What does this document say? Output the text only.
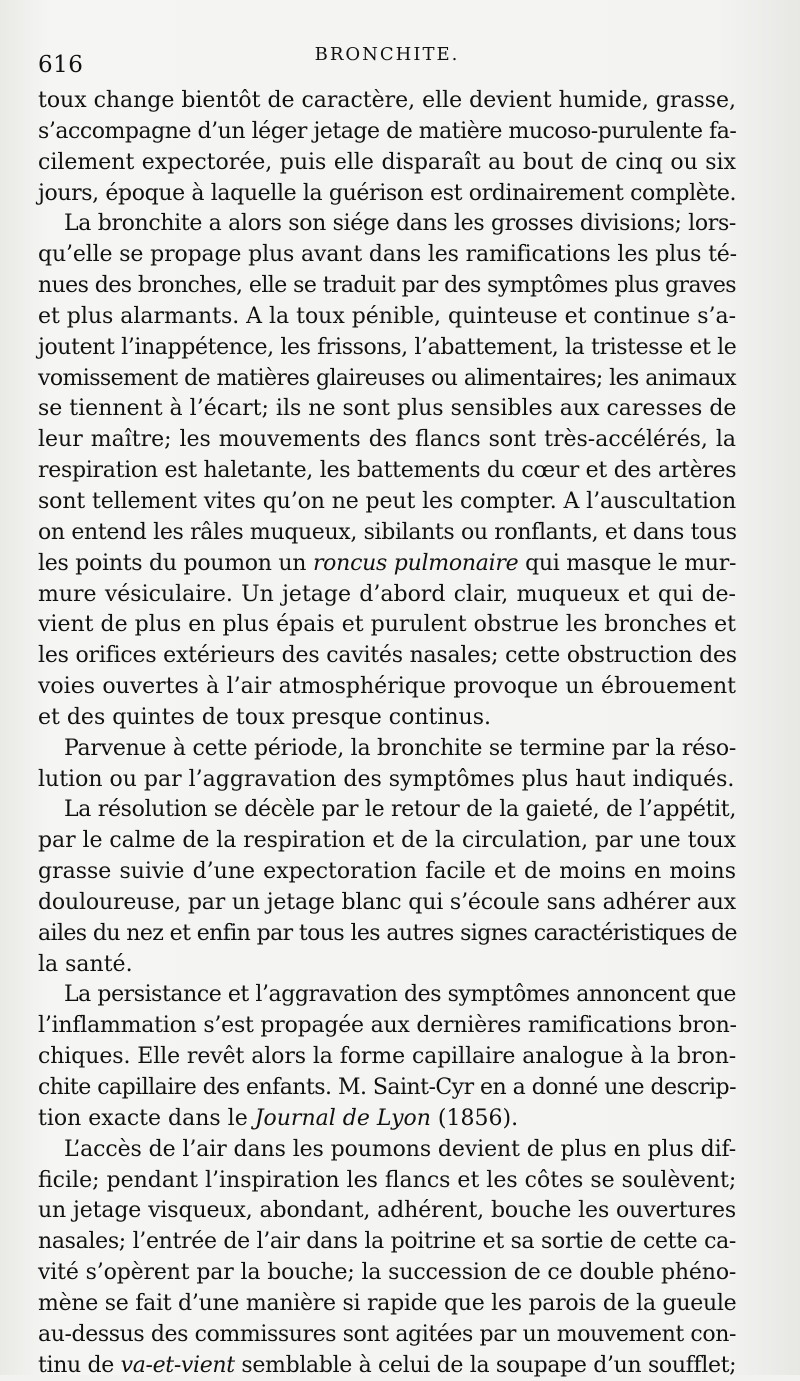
616	BRONCHITE.
toux change bientôt de caractère, elle devient humide, grasse,
s’accompagne d’un léger jetage de matière mucoso-purulente fa-
cilement expectorée, puis elle disparaît au bout de cinq ou six
jours, époque à laquelle la guérison est ordinairement complète.
La bronchite a alors son siége dans les grosses divisions; lors-
qu’elle se propage plus avant dans les ramifications les plus té-
nues des bronches, elle se traduit par des symptômes plus graves
et plus alarmants. A la toux pénible, quinteuse et continue s’a-
joutent l’inappétence, les frissons, l’abattement, la tristesse et le
vomissement de matières glaireuses ou alimentaires; les animaux
se tiennent à l’écart; ils ne sont plus sensibles aux caresses de
leur maître; les mouvements des flancs sont très-accélérés, la
respiration est haletante, les battements du cœur et des artères
sont tellement vites qu’on ne peut les compter. A l’auscultation
on entend les râles muqueux, sibilants ou ronflants, et dans tous
les points du poumon un roncus pulmonaire qui masque le mur-
mure vésiculaire. Un jetage d’abord clair, muqueux et qui de-
vient de plus en plus épais et purulent obstrue les bronches et
les orifices extérieurs des cavités nasales; cette obstruction des
voies ouvertes à l’air atmosphérique provoque un ébrouement
et des quintes de toux presque continus.
Parvenue à cette période, la bronchite se termine par la réso-
lution ou par l’aggravation des symptômes plus haut indiqués.
La résolution se décèle par le retour de la gaieté, de l’appétit,
par le calme de la respiration et de la circulation, par une toux
grasse suivie d’une expectoration facile et de moins en moins
douloureuse, par un jetage blanc qui s’écoule sans adhérer aux
ailes du nez et enfin par tous les autres signes caractéristiques de
la santé.
La persistance et l’aggravation des symptômes annoncent que
l’inflammation s’est propagée aux dernières ramifications bron-
chiques. Elle revêt alors la forme capillaire analogue à la bron-
chite capillaire des enfants. M. Saint-Cyr en a donné une descrip-
tion exacte dans le Journal de Lyon (1856).
L’accès de l’air dans les poumons devient de plus en plus dif-
ficile; pendant l’inspiration les flancs et les côtes se soulèvent;
un jetage visqueux, abondant, adhérent, bouche les ouvertures
nasales; l’entrée de l’air dans la poitrine et sa sortie de cette ca-
vité s’opèrent par la bouche; la succession de ce double phéno-
mène se fait d’une manière si rapide que les parois de la gueule
au-dessus des commissures sont agitées par un mouvement con-
tinu de va-et-vient semblable à celui de la soupape d’un soufflet;
